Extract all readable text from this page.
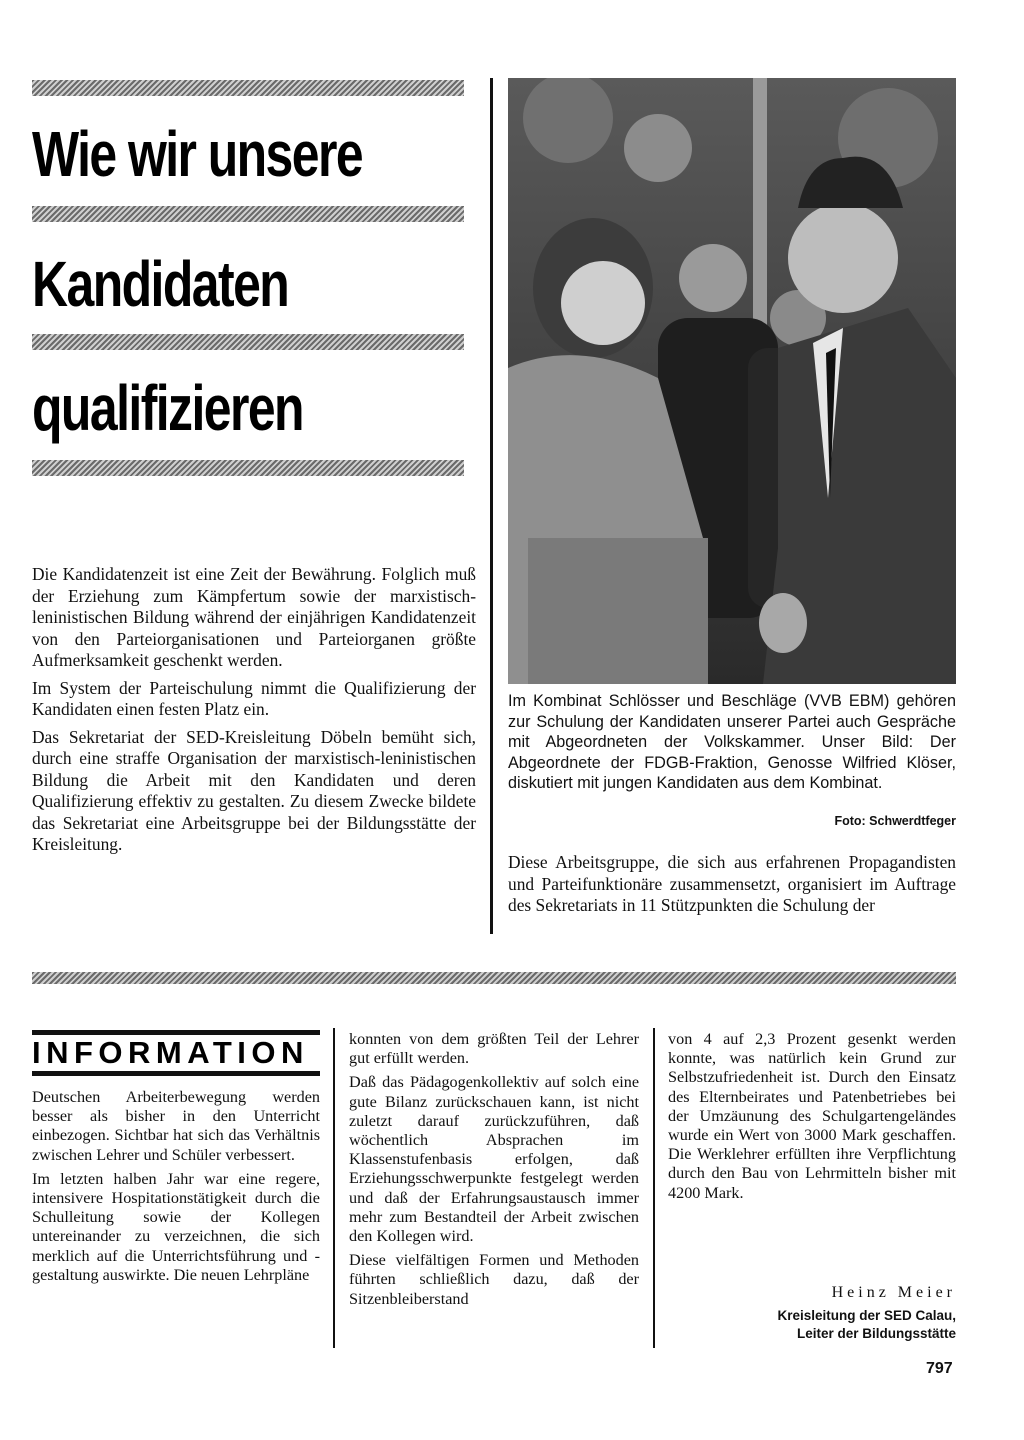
Wie wir unsere
Kandidaten
qualifizieren

Die Kandidatenzeit ist eine Zeit der Bewährung. Folglich muß der Erziehung zum Kämpfertum sowie der marxistisch-leninistischen Bildung während der einjährigen Kandidatenzeit von den Parteiorganisationen und Parteiorganen größte Aufmerksamkeit geschenkt werden.

Im System der Parteischulung nimmt die Qualifizierung der Kandidaten einen festen Platz ein.

Das Sekretariat der SED-Kreisleitung Döbeln bemüht sich, durch eine straffe Organisation der marxistisch-leninistischen Bildung die Arbeit mit den Kandidaten und deren Qualifizierung effektiv zu gestalten. Zu diesem Zwecke bildete das Sekretariat eine Arbeitsgruppe bei der Bildungsstätte der Kreisleitung.

Im Kombinat Schlösser und Beschläge (VVB EBM) gehören zur Schulung der Kandidaten unserer Partei auch Gespräche mit Abgeordneten der Volkskammer. Unser Bild: Der Abgeordnete der FDGB-Fraktion, Genosse Wilfried Klöser, diskutiert mit jungen Kandidaten aus dem Kombinat.

Foto: Schwerdtfeger

Diese Arbeitsgruppe, die sich aus erfahrenen Propagandisten und Parteifunktionäre zusammensetzt, organisiert im Auftrage des Sekretariats in 11 Stützpunkten die Schulung der

INFORMATION

Deutschen Arbeiterbewegung werden besser als bisher in den Unterricht einbezogen. Sichtbar hat sich das Verhältnis zwischen Lehrer und Schüler verbessert.

Im letzten halben Jahr war eine regere, intensivere Hospitationstätigkeit durch die Schulleitung sowie der Kollegen untereinander zu verzeichnen, die sich merklich auf die Unterrichtsführung und -gestaltung auswirkte. Die neuen Lehrpläne

konnten von dem größten Teil der Lehrer gut erfüllt werden.

Daß das Pädagogenkollektiv auf solch eine gute Bilanz zurückschauen kann, ist nicht zuletzt darauf zurückzuführen, daß wöchentlich Absprachen im Klassenstufenbasis erfolgen, daß Erziehungsschwerpunkte festgelegt werden und daß der Erfahrungsaustausch immer mehr zum Bestandteil der Arbeit zwischen den Kollegen wird.

Diese vielfältigen Formen und Methoden führten schließlich dazu, daß der Sitzenbleiberstand

von 4 auf 2,3 Prozent gesenkt werden konnte, was natürlich kein Grund zur Selbstzufriedenheit ist. Durch den Einsatz des Elternbeirates und Patenbetriebes bei der Umzäunung des Schulgartengeländes wurde ein Wert von 3000 Mark geschaffen. Die Werklehrer erfüllten ihre Verpflichtung durch den Bau von Lehrmitteln bisher mit 4200 Mark.

Heinz Meier
Kreisleitung der SED Calau,
Leiter der Bildungsstätte
797
